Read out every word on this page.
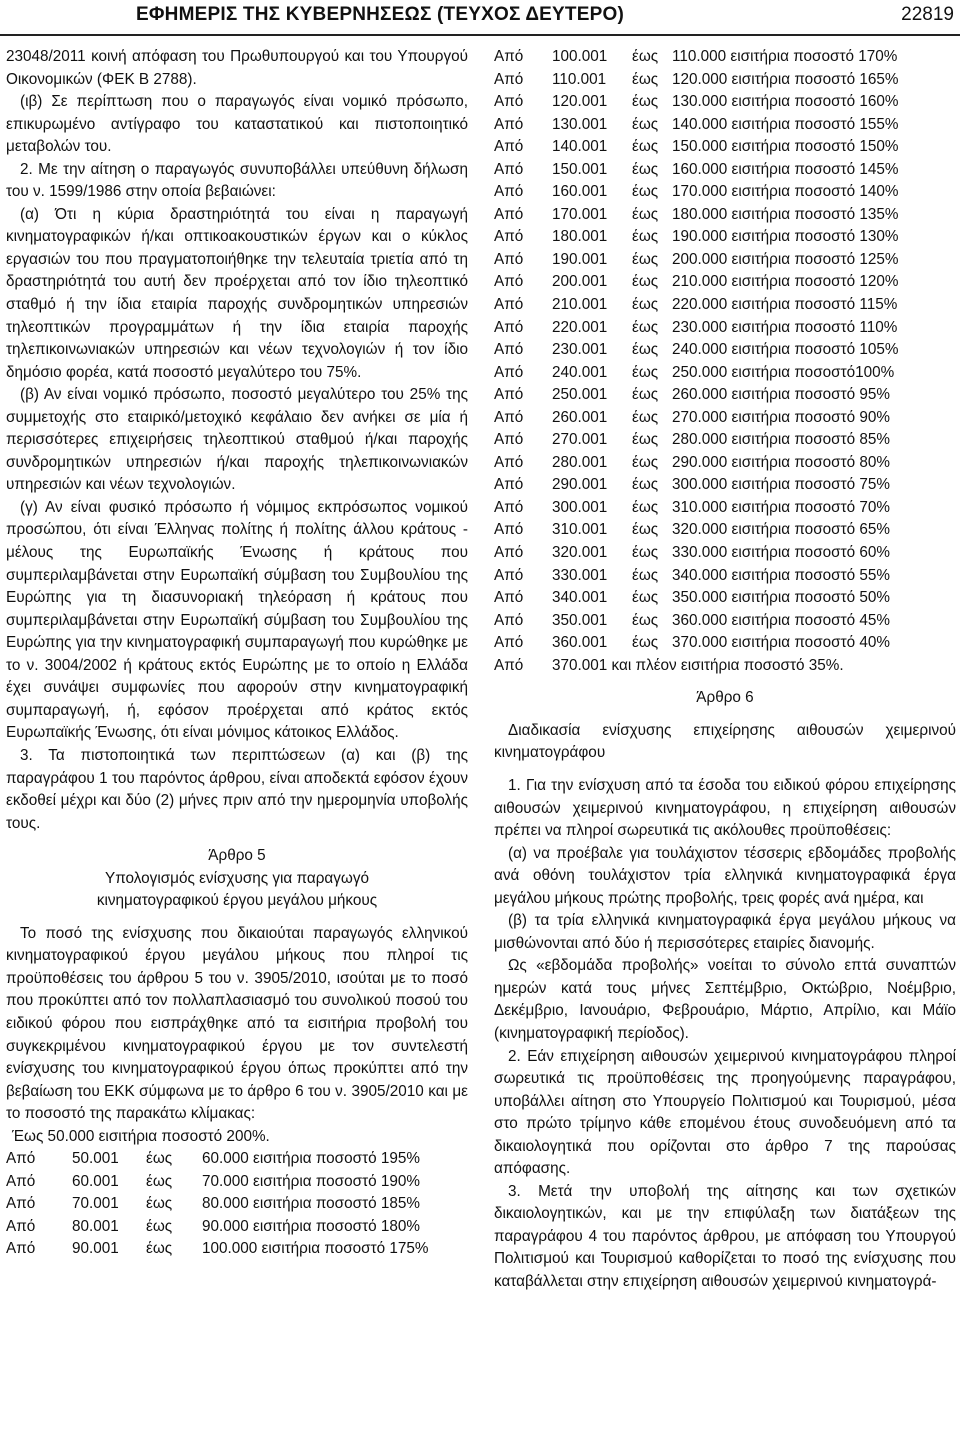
ΕΦΗΜΕΡΙΣ ΤΗΣ ΚΥΒΕΡΝΗΣΕΩΣ (ΤΕΥΧΟΣ ΔΕΥΤΕΡΟ)	22819

23048/2011 κοινή απόφαση του Πρωθυπουργού και του Υπουργού Οικονομικών (ΦΕΚ Β 2788).

(ιβ) Σε περίπτωση που ο παραγωγός είναι νομικό πρόσωπο, επικυρωμένο αντίγραφο του καταστατικού και πιστοποιητικό μεταβολών του.

2. Με την αίτηση ο παραγωγός συνυποβάλλει υπεύθυνη δήλωση του ν. 1599/1986 στην οποία βεβαιώνει:

(α) Ότι η κύρια δραστηριότητά του είναι η παραγωγή κινηματογραφικών ή/και οπτικοακουστικών έργων και ο κύκλος εργασιών του που πραγματοποιήθηκε την τελευταία τριετία από τη δραστηριότητά του αυτή δεν προέρχεται από τον ίδιο τηλεοπτικό σταθμό ή την ίδια εταιρία παροχής συνδρομητικών υπηρεσιών τηλεοπτικών προγραμμάτων ή την ίδια εταιρία παροχής τηλεπικοινωνιακών υπηρεσιών και νέων τεχνολογιών ή τον ίδιο δημόσιο φορέα, κατά ποσοστό μεγαλύτερο του 75%.

(β) Αν είναι νομικό πρόσωπο, ποσοστό μεγαλύτερο του 25% της συμμετοχής στο εταιρικό/μετοχικό κεφάλαιο δεν ανήκει σε μία ή περισσότερες επιχειρήσεις τηλεοπτικού σταθμού ή/και παροχής συνδρομητικών υπηρεσιών ή/και παροχής τηλεπικοινωνιακών υπηρεσιών και νέων τεχνολογιών.

(γ) Αν είναι φυσικό πρόσωπο ή νόμιμος εκπρόσωπος νομικού προσώπου, ότι είναι Έλληνας πολίτης ή πολίτης άλλου κράτους - μέλους της Ευρωπαϊκής Ένωσης ή κράτους που συμπεριλαμβάνεται στην Ευρωπαϊκή σύμβαση του Συμβουλίου της Ευρώπης για τη διασυνοριακή τηλεόραση ή κράτους που συμπεριλαμβάνεται στην Ευρωπαϊκή σύμβαση του Συμβουλίου της Ευρώπης για την κινηματογραφική συμπαραγωγή που κυρώθηκε με το ν. 3004/2002 ή κράτους εκτός Ευρώπης με το οποίο η Ελλάδα έχει συνάψει συμφωνίες που αφορούν στην κινηματογραφική συμπαραγωγή, ή, εφόσον προέρχεται από κράτος εκτός Ευρωπαϊκής Ένωσης, ότι είναι μόνιμος κάτοικος Ελλάδος.

3. Τα πιστοποιητικά των περιπτώσεων (α) και (β) της παραγράφου 1 του παρόντος άρθρου, είναι αποδεκτά εφόσον έχουν εκδοθεί μέχρι και δύο (2) μήνες πριν από την ημερομηνία υποβολής τους.

Άρθρο 5
Υπολογισμός ενίσχυσης για παραγωγό
κινηματογραφικού έργου μεγάλου μήκους

Το ποσό της ενίσχυσης που δικαιούται παραγωγός ελληνικού κινηματογραφικού έργου μεγάλου μήκους που πληροί τις προϋποθέσεις του άρθρου 5 του ν. 3905/2010, ισούται με το ποσό που προκύπτει από τον πολλαπλασιασμό του συνολικού ποσού του ειδικού φόρου που εισπράχθηκε από τα εισιτήρια προβολή του συγκεκριμένου κινηματογραφικού έργου με τον συντελεστή ενίσχυσης του κινηματογραφικού έργου όπως προκύπτει από την βεβαίωση του ΕΚΚ σύμφωνα με το άρθρο 6 του ν. 3905/2010 και με το ποσοστό της παρακάτω κλίμακας:

Έως 50.000 εισιτήρια ποσοστό 200%.
Από	50.001	έως	60.000 εισιτήρια ποσοστό 195%
Από	60.001	έως	70.000 εισιτήρια ποσοστό 190%
Από	70.001	έως	80.000 εισιτήρια ποσοστό 185%
Από	80.001	έως	90.000 εισιτήρια ποσοστό 180%
Από	90.001	έως	100.000 εισιτήρια ποσοστό 175%
Από	100.001	έως	110.000 εισιτήρια ποσοστό 170%
Από	110.001	έως	120.000 εισιτήρια ποσοστό 165%
Από	120.001	έως	130.000 εισιτήρια ποσοστό 160%
Από	130.001	έως	140.000 εισιτήρια ποσοστό 155%
Από	140.001	έως	150.000 εισιτήρια ποσοστό 150%
Από	150.001	έως	160.000 εισιτήρια ποσοστό 145%
Από	160.001	έως	170.000 εισιτήρια ποσοστό 140%
Από	170.001	έως	180.000 εισιτήρια ποσοστό 135%
Από	180.001	έως	190.000 εισιτήρια ποσοστό 130%
Από	190.001	έως	200.000 εισιτήρια ποσοστό 125%
Από	200.001	έως	210.000 εισιτήρια ποσοστό 120%
Από	210.001	έως	220.000 εισιτήρια ποσοστό 115%
Από	220.001	έως	230.000 εισιτήρια ποσοστό 110%
Από	230.001	έως	240.000 εισιτήρια ποσοστό 105%
Από	240.001	έως	250.000 εισιτήρια ποσοστό100%
Από	250.001	έως	260.000 εισιτήρια ποσοστό 95%
Από	260.001	έως	270.000 εισιτήρια ποσοστό 90%
Από	270.001	έως	280.000 εισιτήρια ποσοστό 85%
Από	280.001	έως	290.000 εισιτήρια ποσοστό 80%
Από	290.001	έως	300.000 εισιτήρια ποσοστό 75%
Από	300.001	έως	310.000 εισιτήρια ποσοστό 70%
Από	310.001	έως	320.000 εισιτήρια ποσοστό 65%
Από	320.001	έως	330.000 εισιτήρια ποσοστό 60%
Από	330.001	έως	340.000 εισιτήρια ποσοστό 55%
Από	340.001	έως	350.000 εισιτήρια ποσοστό 50%
Από	350.001	έως	360.000 εισιτήρια ποσοστό 45%
Από	360.001	έως	370.000 εισιτήρια ποσοστό 40%
Από	370.001 και πλέον εισιτήρια ποσοστό 35%.
Άρθρο 6

Διαδικασία ενίσχυσης επιχείρησης αιθουσών χειμερινού κινηματογράφου

1. Για την ενίσχυση από τα έσοδα του ειδικού φόρου επιχείρησης αιθουσών χειμερινού κινηματογράφου, η επιχείρηση αιθουσών πρέπει να πληροί σωρευτικά τις ακόλουθες προϋποθέσεις:

(α) να προέβαλε για τουλάχιστον τέσσερις εβδομάδες προβολής ανά οθόνη τουλάχιστον τρία ελληνικά κινηματογραφικά έργα μεγάλου μήκους πρώτης προβολής, τρεις φορές ανά ημέρα, και

(β) τα τρία ελληνικά κινηματογραφικά έργα μεγάλου μήκους να μισθώνονται από δύο ή περισσότερες εταιρίες διανομής.

Ως «εβδομάδα προβολής» νοείται το σύνολο επτά συναπτών ημερών κατά τους μήνες Σεπτέμβριο, Οκτώβριο, Νοέμβριο, Δεκέμβριο, Ιανουάριο, Φεβρουάριο, Μάρτιο, Απρίλιο, και Μάϊο (κινηματογραφική περίοδος).

2. Εάν επιχείρηση αιθουσών χειμερινού κινηματογράφου πληροί σωρευτικά τις προϋποθέσεις της προηγούμενης παραγράφου, υποβάλλει αίτηση στο Υπουργείο Πολιτισμού και Τουρισμού, μέσα στο πρώτο τρίμηνο κάθε επομένου έτους συνοδευόμενη από τα δικαιολογητικά που ορίζονται στο άρθρο 7 της παρούσας απόφασης.

3. Μετά την υποβολή της αίτησης και των σχετικών δικαιολογητικών, και με την επιφύλαξη των διατάξεων της παραγράφου 4 του παρόντος άρθρου, με απόφαση του Υπουργού Πολιτισμού και Τουρισμού καθορίζεται το ποσό της ενίσχυσης που καταβάλλεται στην επιχείρηση αιθουσών χειμερινού κινηματογρά-
